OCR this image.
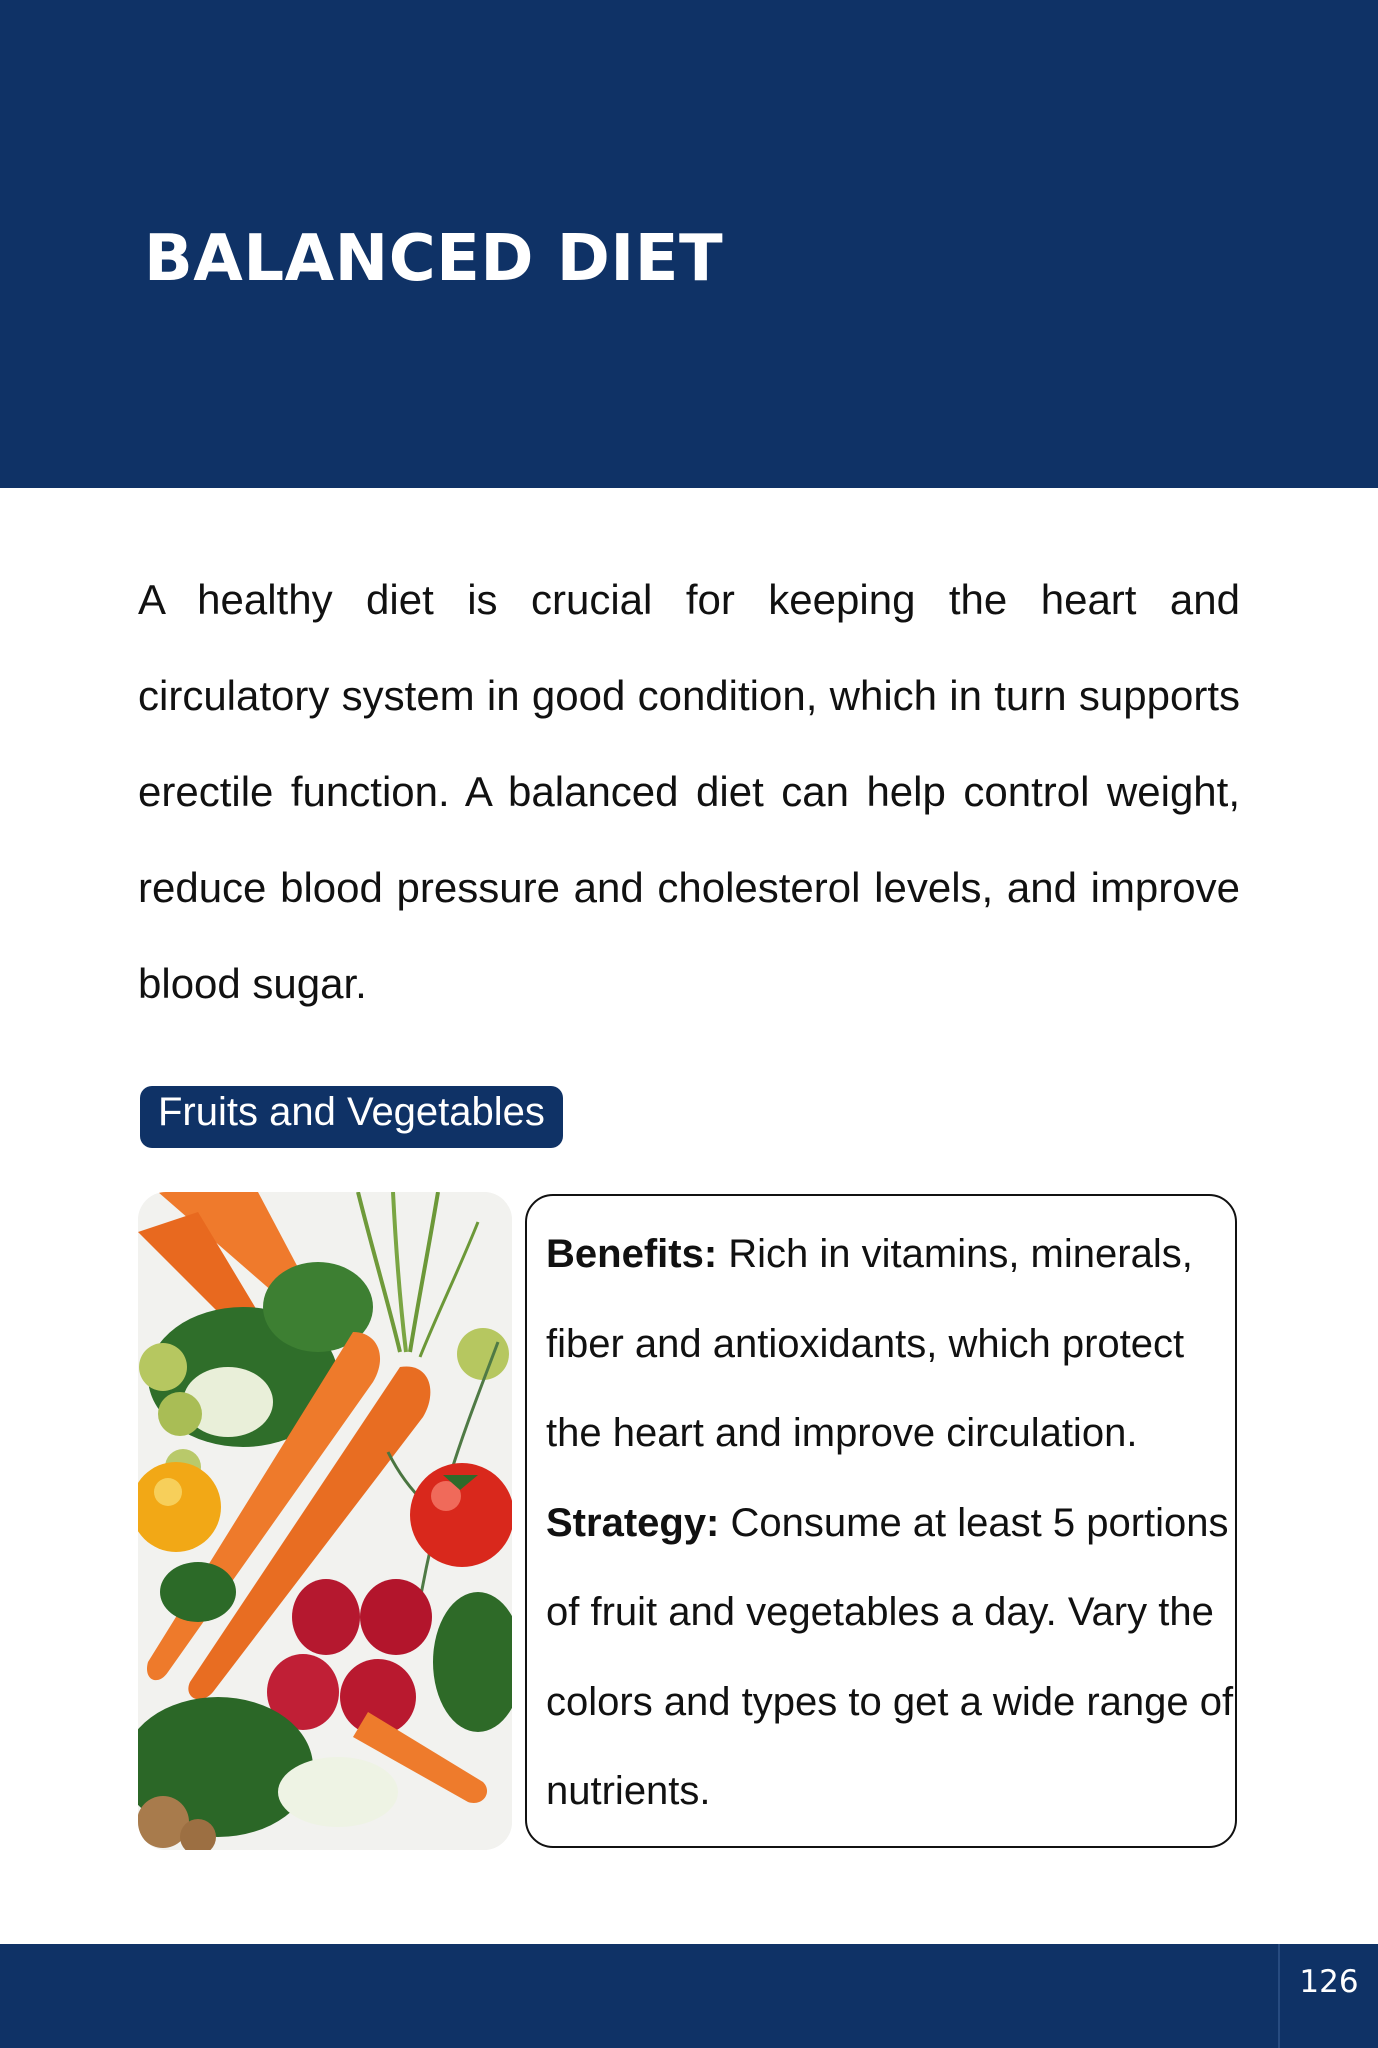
BALANCED DIET

A healthy diet is crucial for keeping the heart and circulatory system in good condition, which in turn supports erectile function. A balanced diet can help control weight, reduce blood pressure and cholesterol levels, and improve blood sugar.

Fruits and Vegetables

Benefits: Rich in vitamins, minerals, fiber and antioxidants, which protect the heart and improve circulation.
Strategy: Consume at least 5 portions of fruit and vegetables a day. Vary the colors and types to get a wide range of nutrients.

126
